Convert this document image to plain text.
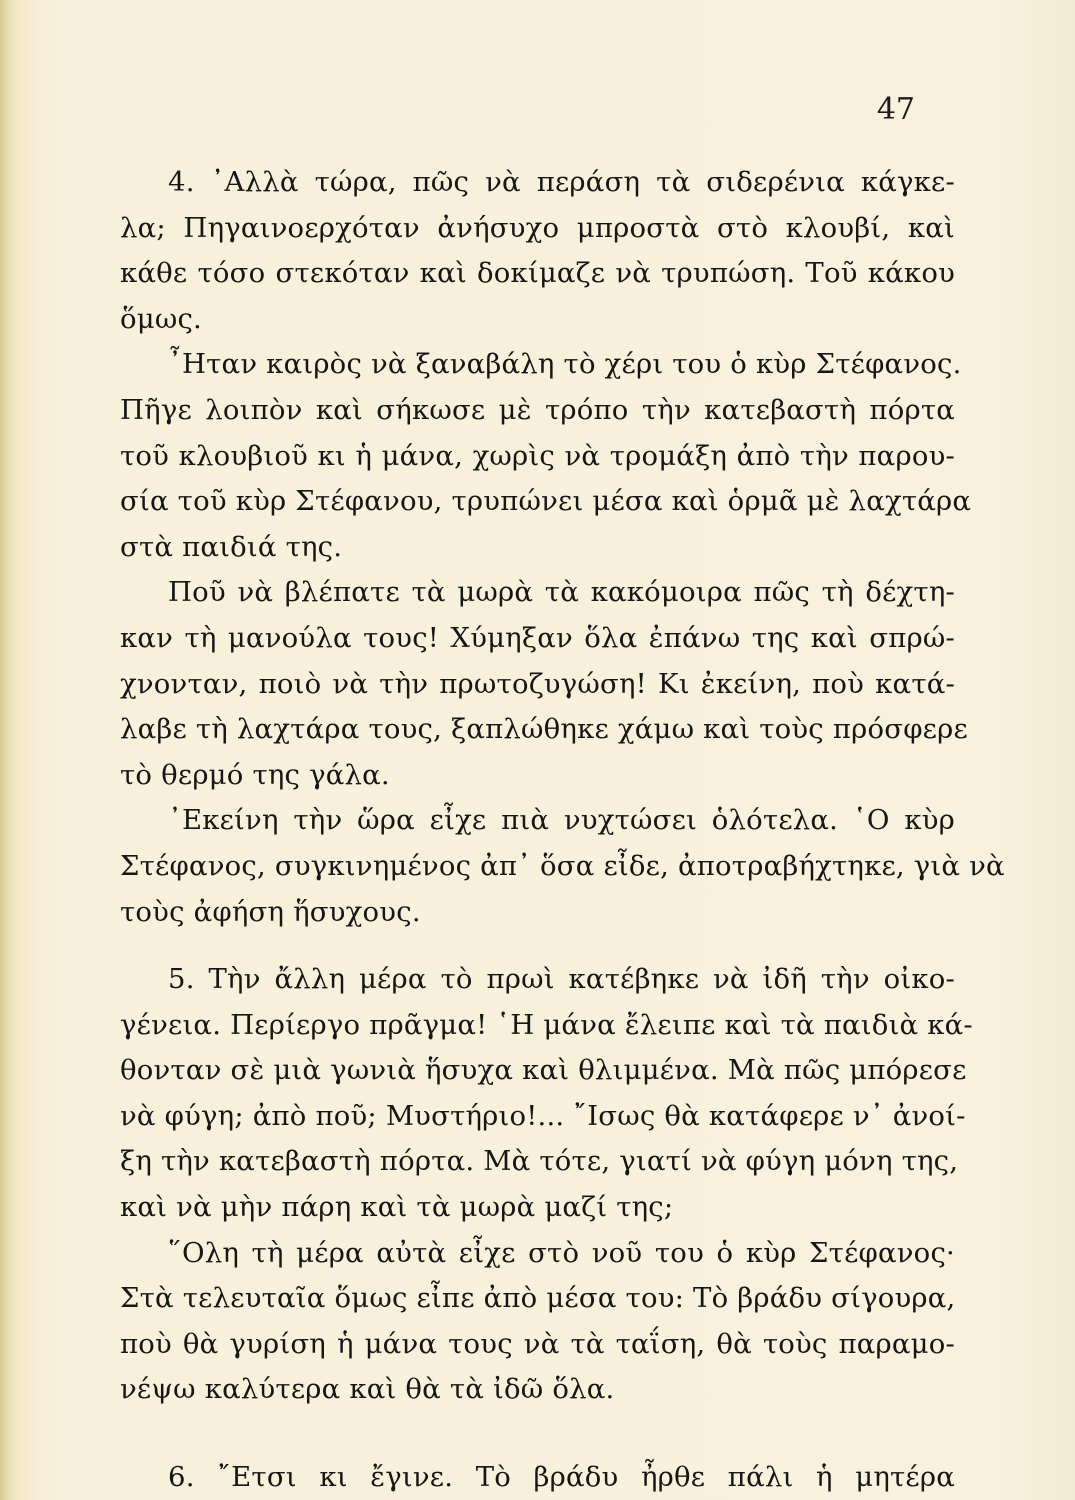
47
4. ᾿Αλλὰ τώρα, πῶς νὰ περάση τὰ σιδερένια κάγκε-
λα; Πηγαινοερχόταν ἀνήσυχο μπροστὰ στὸ κλουβί, καὶ
κάθε τόσο στεκόταν καὶ δοκίμαζε νὰ τρυπώση. Τοῦ κάκου
ὅμως.
῏Ηταν καιρὸς νὰ ξαναβάλη τὸ χέρι του ὁ κὺρ Στέφανος.
Πῆγε λοιπὸν καὶ σήκωσε μὲ τρόπο τὴν κατεβαστὴ πόρτα
τοῦ κλουβιοῦ κι ἡ μάνα, χωρὶς νὰ τρομάξη ἀπὸ τὴν παρου-
σία τοῦ κὺρ Στέφανου, τρυπώνει μέσα καὶ ὁρμᾶ μὲ λαχτάρα
στὰ παιδιά της.
Ποῦ νὰ βλέπατε τὰ μωρὰ τὰ κακόμοιρα πῶς τὴ δέχτη-
καν τὴ μανούλα τους! Χύμηξαν ὅλα ἐπάνω της καὶ σπρώ-
χνονταν, ποιὸ νὰ τὴν πρωτοζυγώση! Κι ἐκείνη, ποὺ κατά-
λαβε τὴ λαχτάρα τους, ξαπλώθηκε χάμω καὶ τοὺς πρόσφερε
τὸ θερμό της γάλα.
᾿Εκείνη τὴν ὥρα εἶχε πιὰ νυχτώσει ὁλότελα. ῾Ο κὺρ
Στέφανος, συγκινημένος ἀπ᾿ ὅσα εἶδε, ἀποτραβήχτηκε, γιὰ νὰ
τοὺς ἀφήση ἥσυχους.
5. Τὴν ἄλλη μέρα τὸ πρωὶ κατέβηκε νὰ ἰδῆ τὴν οἰκο-
γένεια. Περίεργο πρᾶγμα! ῾Η μάνα ἔλειπε καὶ τὰ παιδιὰ κά-
θονταν σὲ μιὰ γωνιὰ ἥσυχα καὶ θλιμμένα. Μὰ πῶς μπόρεσε
νὰ φύγη; ἀπὸ ποῦ; Μυστήριο!... ῎Ισως θὰ κατάφερε ν᾿ ἀνοί-
ξη τὴν κατεβαστὴ πόρτα. Μὰ τότε, γιατί νὰ φύγη μόνη της,
καὶ νὰ μὴν πάρη καὶ τὰ μωρὰ μαζί της;
῞Ολη τὴ μέρα αὐτὰ εἶχε στὸ νοῦ του ὁ κὺρ Στέφανος·
Στὰ τελευταῖα ὅμως εἶπε ἀπὸ μέσα του: Τὸ βράδυ σίγουρα,
ποὺ θὰ γυρίση ἡ μάνα τους νὰ τὰ ταΐση, θὰ τοὺς παραμο-
νέψω καλύτερα καὶ θὰ τὰ ἰδῶ ὅλα.
6. ῎Ετσι κι ἔγινε. Τὸ βράδυ ἦρθε πάλι ἡ μητέρα
